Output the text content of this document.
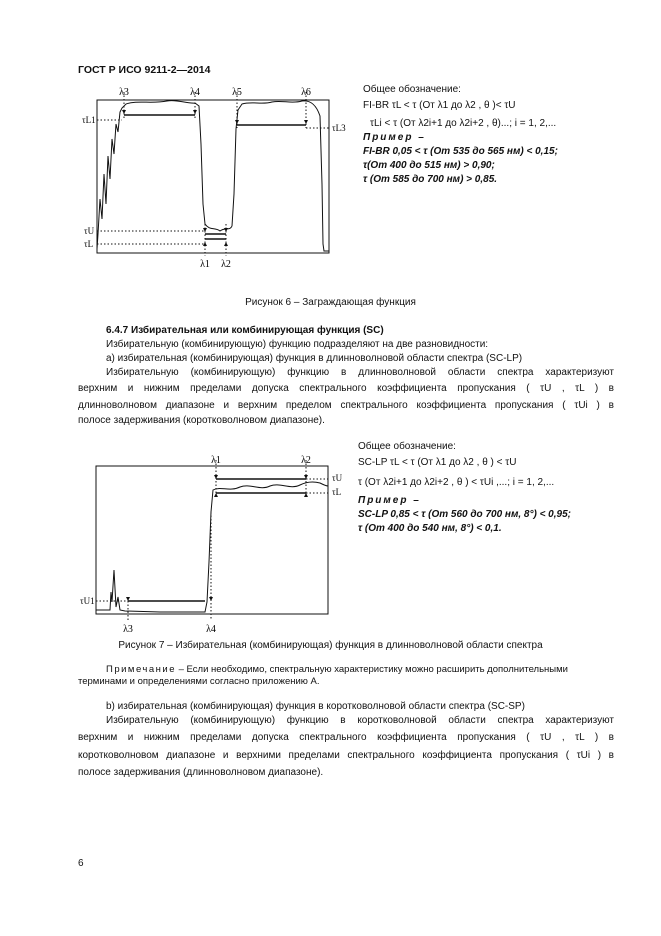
ГОСТ Р ИСО 9211-2—2014
λ3	λ4	λ5	λ6
λ1 λ2
τL1
τL3
τU
τL
Общее обозначение:
FI-BR τL < τ (От λ1 до λ2 , θ )< τU
τLi < τ (От λ2i+1 до λ2i+2 , θ)...; i = 1, 2,...
Пример –
FI-BR 0,05 < τ (От 535 до 565 нм) < 0,15;
τ(От 400 до 515 нм) > 0,90;
τ (От 585 до 700 нм) > 0,85.
Рисунок 6 – Заграждающая функция
6.4.7 Избирательная или комбинирующая функция (SC)
Избирательную (комбинирующую) функцию подразделяют на две разновидности:
а) избирательная (комбинирующая) функция в длинноволновой области спектра (SC-LP)
Избирательную (комбинирующую) функцию в длинноволновой области спектра характеризуют
верхним и нижним пределами допуска спектрального коэффициента пропускания ( τU , τL ) в
длинноволновом диапазоне и верхним пределом спектрального коэффициента пропускания ( τUi ) в
полосе задерживания (коротковолновом диапазоне).
λ1	λ2
λ3	λ4
τU
τL
τU1
Общее обозначение:
SC-LP τL < τ (От λ1 до λ2 , θ ) < τU
τ (От λ2i+1 до λ2i+2 , θ ) < τUi ,...; i = 1, 2,...
Пример –
SC-LP 0,85 < τ (От 560 до 700 нм, 8°) < 0,95;
τ (От 400 до 540 нм, 8°) < 0,1.
Рисунок 7 – Избирательная (комбинирующая) функция в длинноволновой области спектра
Примечание – Если необходимо, спектральную характеристику можно расширить дополнительными
терминами и определениями согласно приложению А.
b) избирательная (комбинирующая) функция в коротковолновой области спектра (SC-SP)
Избирательную (комбинирующую) функцию в коротковолновой области спектра характеризуют
верхним и нижним пределами допуска спектрального коэффициента пропускания ( τU , τL ) в
коротковолновом диапазоне и верхними пределами спектрального коэффициента пропускания ( τUi ) в
полосе задерживания (длинноволновом диапазоне).
6
